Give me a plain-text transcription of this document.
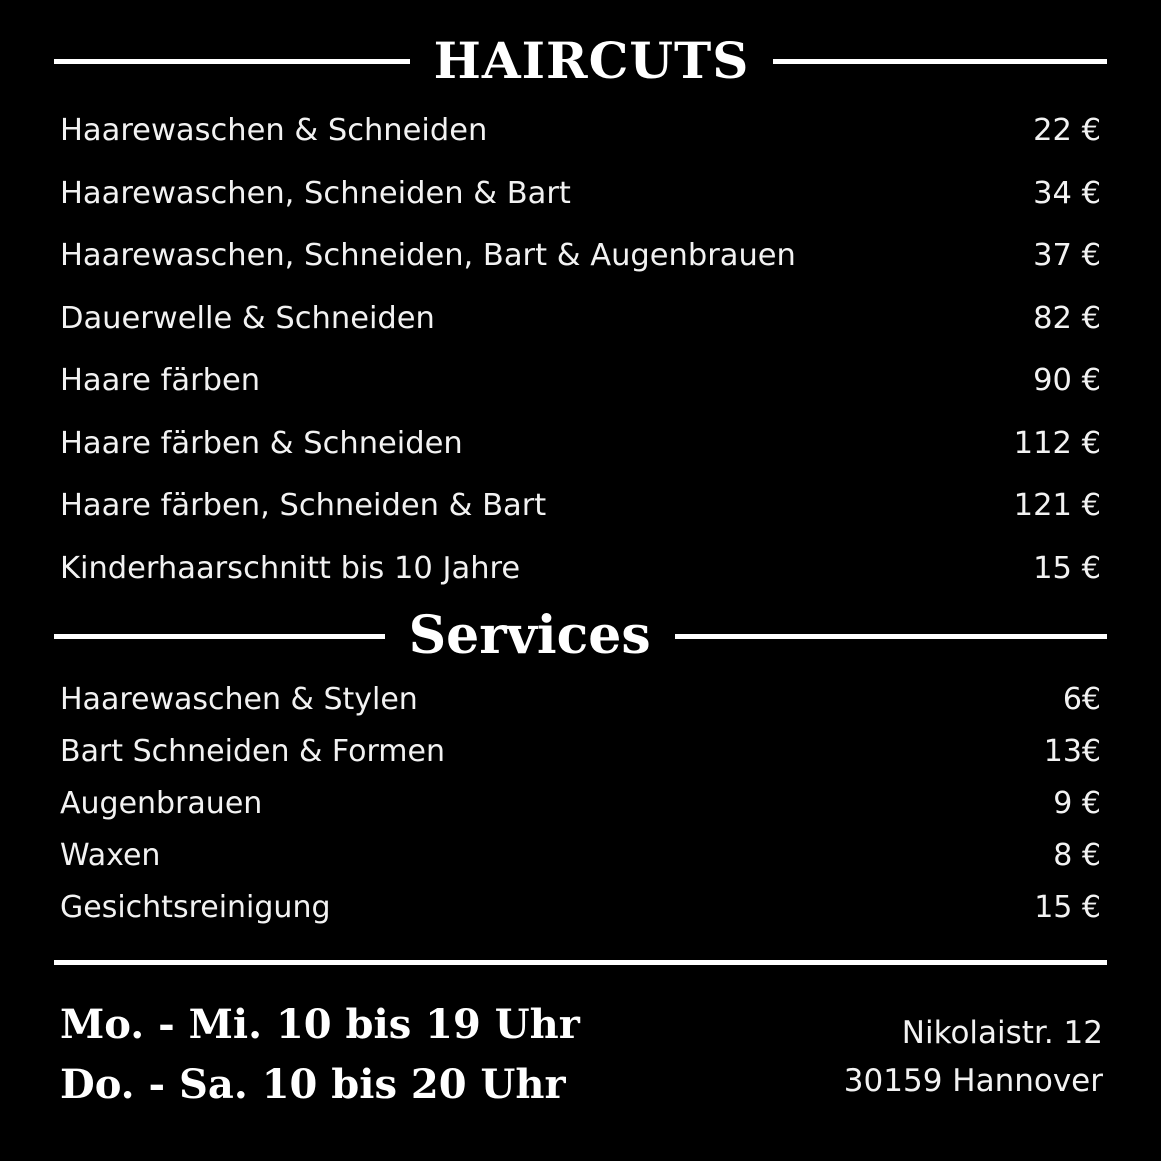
HAIRCUTS
Haarewaschen & Schneiden	22 €
Haarewaschen, Schneiden & Bart	34 €
Haarewaschen, Schneiden, Bart & Augenbrauen	37 €
Dauerwelle & Schneiden	82 €
Haare färben	90 €
Haare färben & Schneiden	112 €
Haare färben, Schneiden & Bart	121 €
Kinderhaarschnitt bis 10 Jahre	15 €
Services
Haarewaschen & Stylen	6€
Bart Schneiden & Formen	13€
Augenbrauen	9 €
Waxen	8 €
Gesichtsreinigung	15 €
Mo. - Mi. 10 bis 19 Uhr
Do. - Sa. 10 bis 20 Uhr
Nikolaistr. 12
30159 Hannover
